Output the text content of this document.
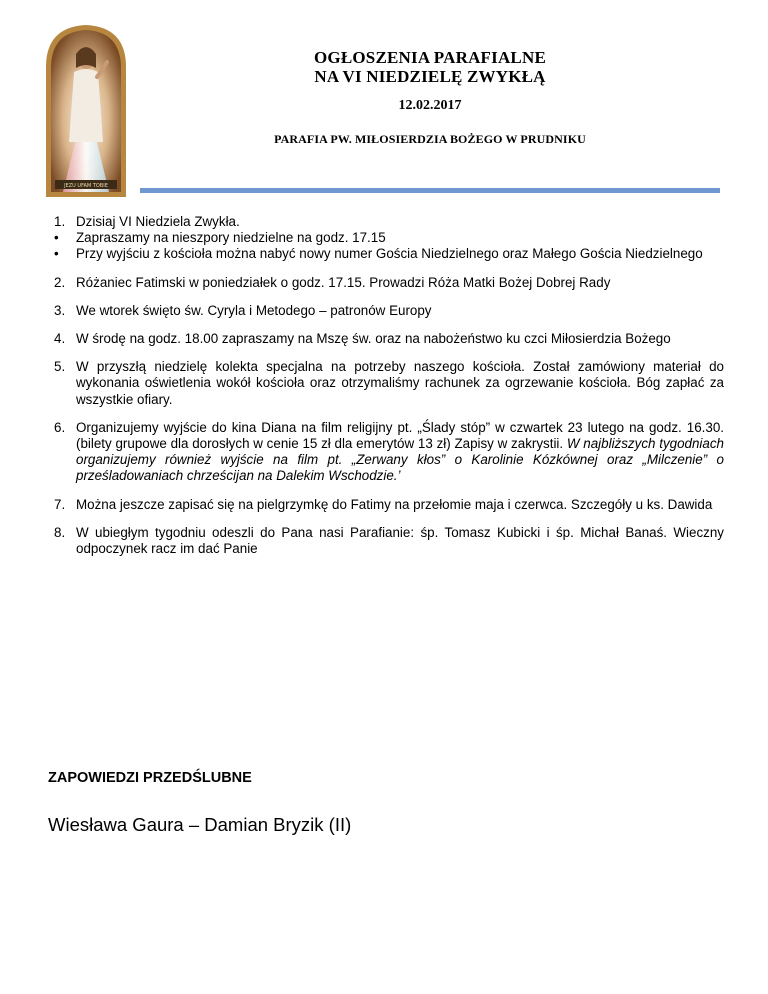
JEZU UFAM TOBIE
OGŁOSZENIA PARAFIALNE
NA VI NIEDZIELĘ ZWYKŁĄ
12.02.2017
PARAFIA PW. MIŁOSIERDZIA BOŻEGO W PRUDNIKU
1. Dzisiaj VI Niedziela Zwykła.
•	Zapraszamy na nieszpory niedzielne na godz. 17.15
•	Przy wyjściu z kościoła można nabyć nowy numer Gościa Niedzielnego oraz Małego Gościa Niedzielnego
2. Różaniec Fatimski w poniedziałek o godz. 17.15. Prowadzi Róża Matki Bożej Dobrej Rady
3. We wtorek święto św. Cyryla i Metodego – patronów Europy
4. W środę na godz. 18.00 zapraszamy na Mszę św. oraz na nabożeństwo ku czci Miłosierdzia Bożego
5. W przyszłą niedzielę kolekta specjalna na potrzeby naszego kościoła. Został zamówiony materiał do wykonania oświetlenia wokół kościoła oraz otrzymaliśmy rachunek za ogrzewanie kościoła. Bóg zapłać za wszystkie ofiary.
6. Organizujemy wyjście do kina Diana na film religijny pt. „Ślady stóp” w czwartek 23 lutego na godz. 16.30. (bilety grupowe dla dorosłych w cenie 15 zł dla emerytów 13 zł) Zapisy w zakrystii. W najbliższych tygodniach organizujemy również wyjście na film pt. „Zerwany kłos” o Karolinie Kózkównej oraz „Milczenie” o prześladowaniach chrześcijan na Dalekim Wschodzie.’
7. Można jeszcze zapisać się na pielgrzymkę do Fatimy na przełomie maja i czerwca. Szczegóły u ks. Dawida
8. W ubiegłym tygodniu odeszli do Pana nasi Parafianie: śp. Tomasz Kubicki i śp. Michał Banaś. Wieczny odpoczynek racz im dać Panie
ZAPOWIEDZI PRZEDŚLUBNE
Wiesława Gaura – Damian Bryzik (II)
